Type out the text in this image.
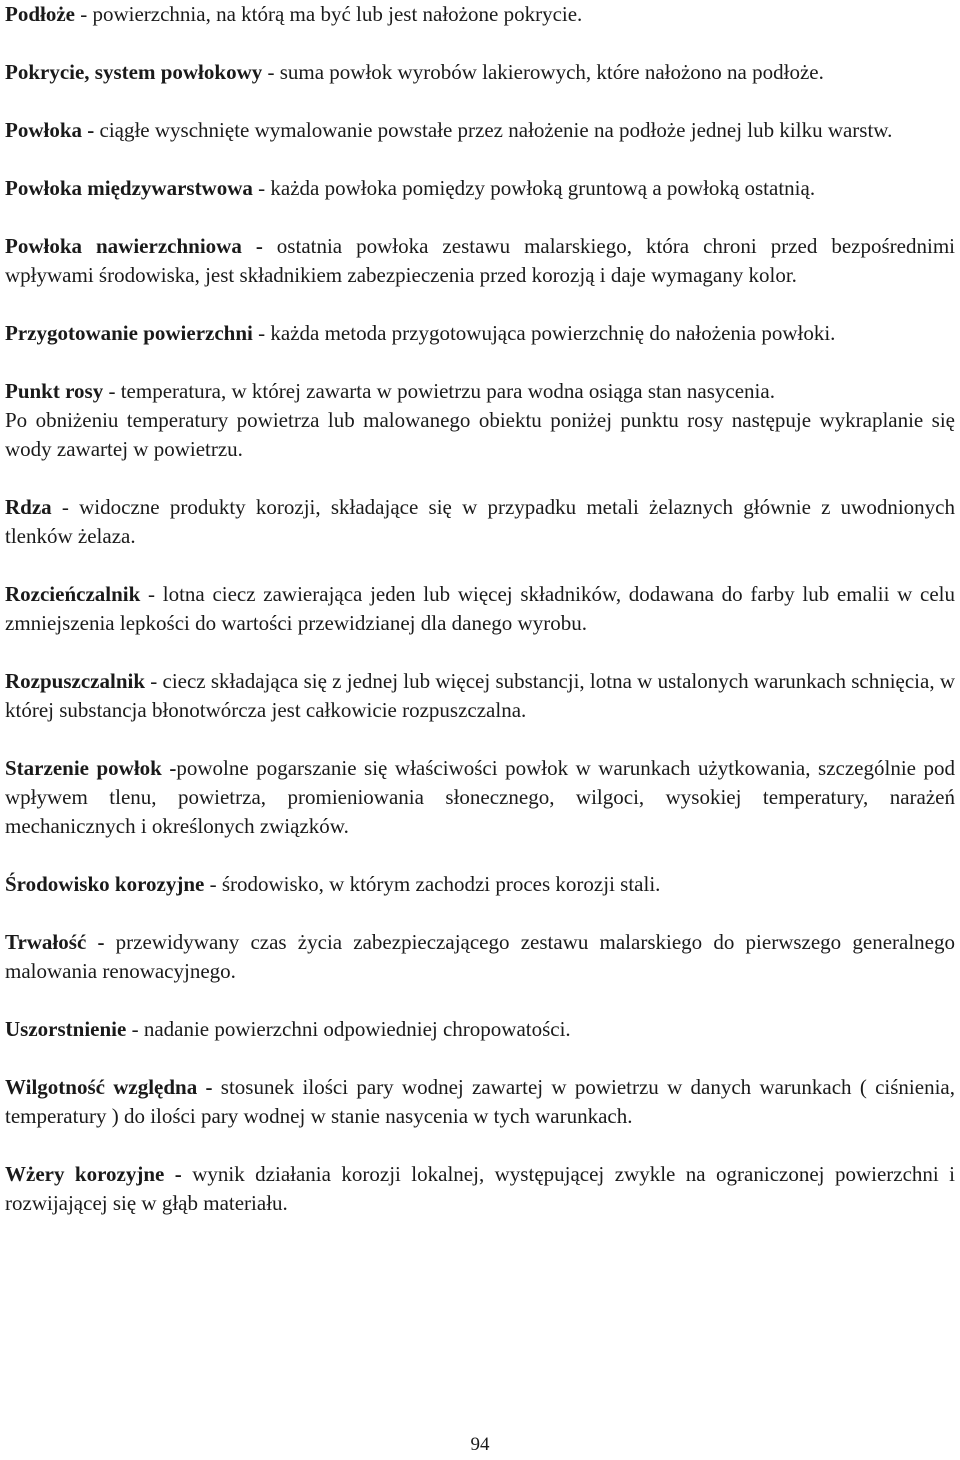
Podłoże - powierzchnia, na którą ma być lub jest nałożone pokrycie.

Pokrycie, system powłokowy - suma powłok wyrobów lakierowych, które nałożono na podłoże.

Powłoka - ciągłe wyschnięte wymalowanie powstałe przez nałożenie na podłoże jednej lub kilku warstw.

Powłoka międzywarstwowa - każda powłoka pomiędzy powłoką gruntową a powłoką ostatnią.

Powłoka nawierzchniowa - ostatnia powłoka zestawu malarskiego, która chroni przed bezpośrednimi wpływami środowiska, jest składnikiem zabezpieczenia przed korozją i daje wymagany kolor.

Przygotowanie powierzchni - każda metoda przygotowująca powierzchnię do nałożenia powłoki.

Punkt rosy - temperatura, w której zawarta w powietrzu para wodna osiąga stan nasycenia.

Po obniżeniu temperatury powietrza lub malowanego obiektu poniżej punktu rosy następuje wykraplanie się wody zawartej w powietrzu.

Rdza - widoczne produkty korozji, składające się w przypadku metali żelaznych głównie z uwodnionych tlenków żelaza.

Rozcieńczalnik - lotna ciecz zawierająca jeden lub więcej składników, dodawana do farby lub emalii w celu zmniejszenia lepkości do wartości przewidzianej dla danego wyrobu.

Rozpuszczalnik - ciecz składająca się z jednej lub więcej substancji, lotna w ustalonych warunkach schnięcia, w której substancja błonotwórcza jest całkowicie rozpuszczalna.

Starzenie powłok -powolne pogarszanie się właściwości powłok w warunkach użytkowania, szczególnie pod wpływem tlenu, powietrza, promieniowania słonecznego, wilgoci, wysokiej temperatury, narażeń mechanicznych i określonych związków.

Środowisko korozyjne - środowisko, w którym zachodzi proces korozji stali.

Trwałość - przewidywany czas życia zabezpieczającego zestawu malarskiego do pierwszego generalnego malowania renowacyjnego.

Uszorstnienie - nadanie powierzchni odpowiedniej chropowatości.

Wilgotność względna - stosunek ilości pary wodnej zawartej w powietrzu w danych warunkach ( ciśnienia, temperatury ) do ilości pary wodnej w stanie nasycenia w tych warunkach.

Wżery korozyjne - wynik działania korozji lokalnej, występującej zwykle na ograniczonej powierzchni i rozwijającej się w głąb materiału.

94
